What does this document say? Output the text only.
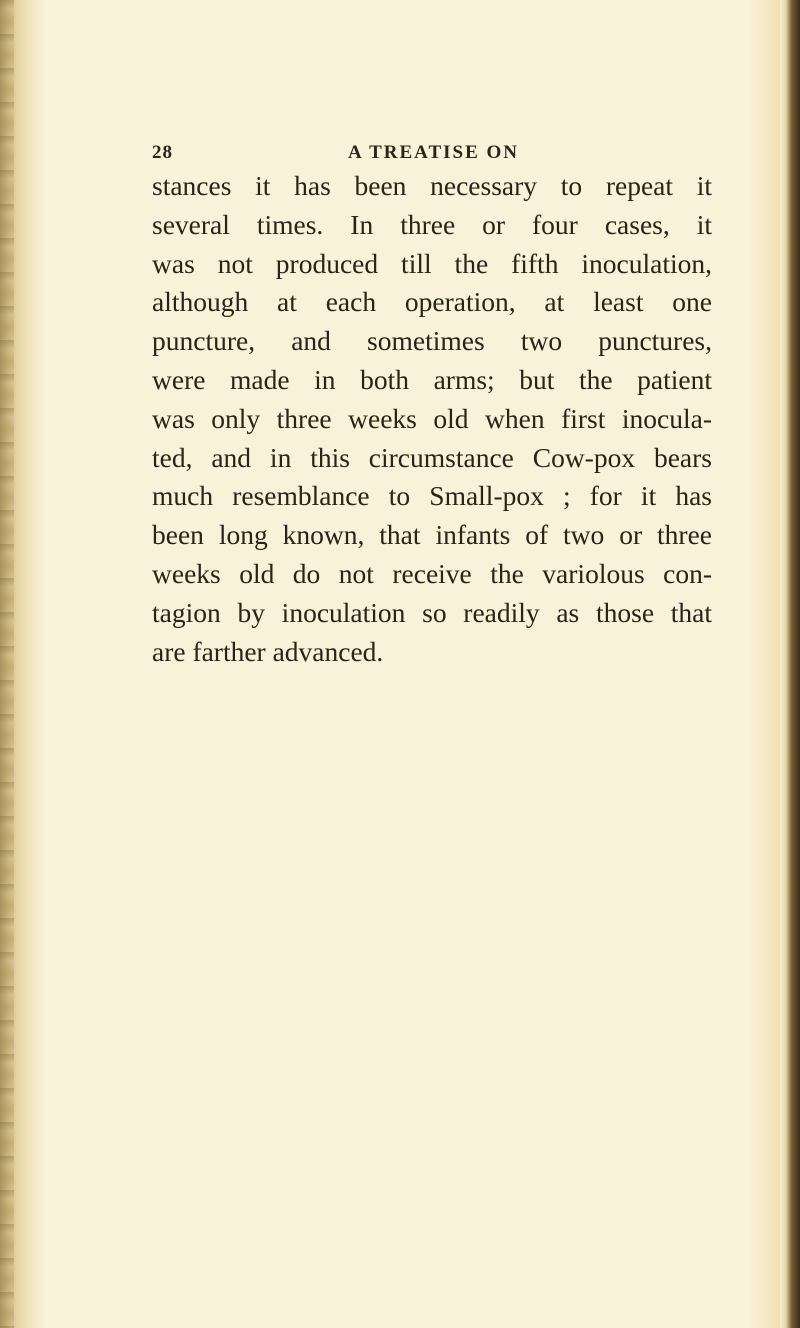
28	A TREATISE ON
stances it has been necessary to repeat it
several times. In three or four cases, it
was not produced till the fifth inoculation,
although at each operation, at least one
puncture, and sometimes two punctures,
were made in both arms; but the patient
was only three weeks old when first inocula-
ted, and in this circumstance Cow-pox bears
much resemblance to Small-pox ; for it has
been long known, that infants of two or three
weeks old do not receive the variolous con-
tagion by inoculation so readily as those that
are farther advanced.
